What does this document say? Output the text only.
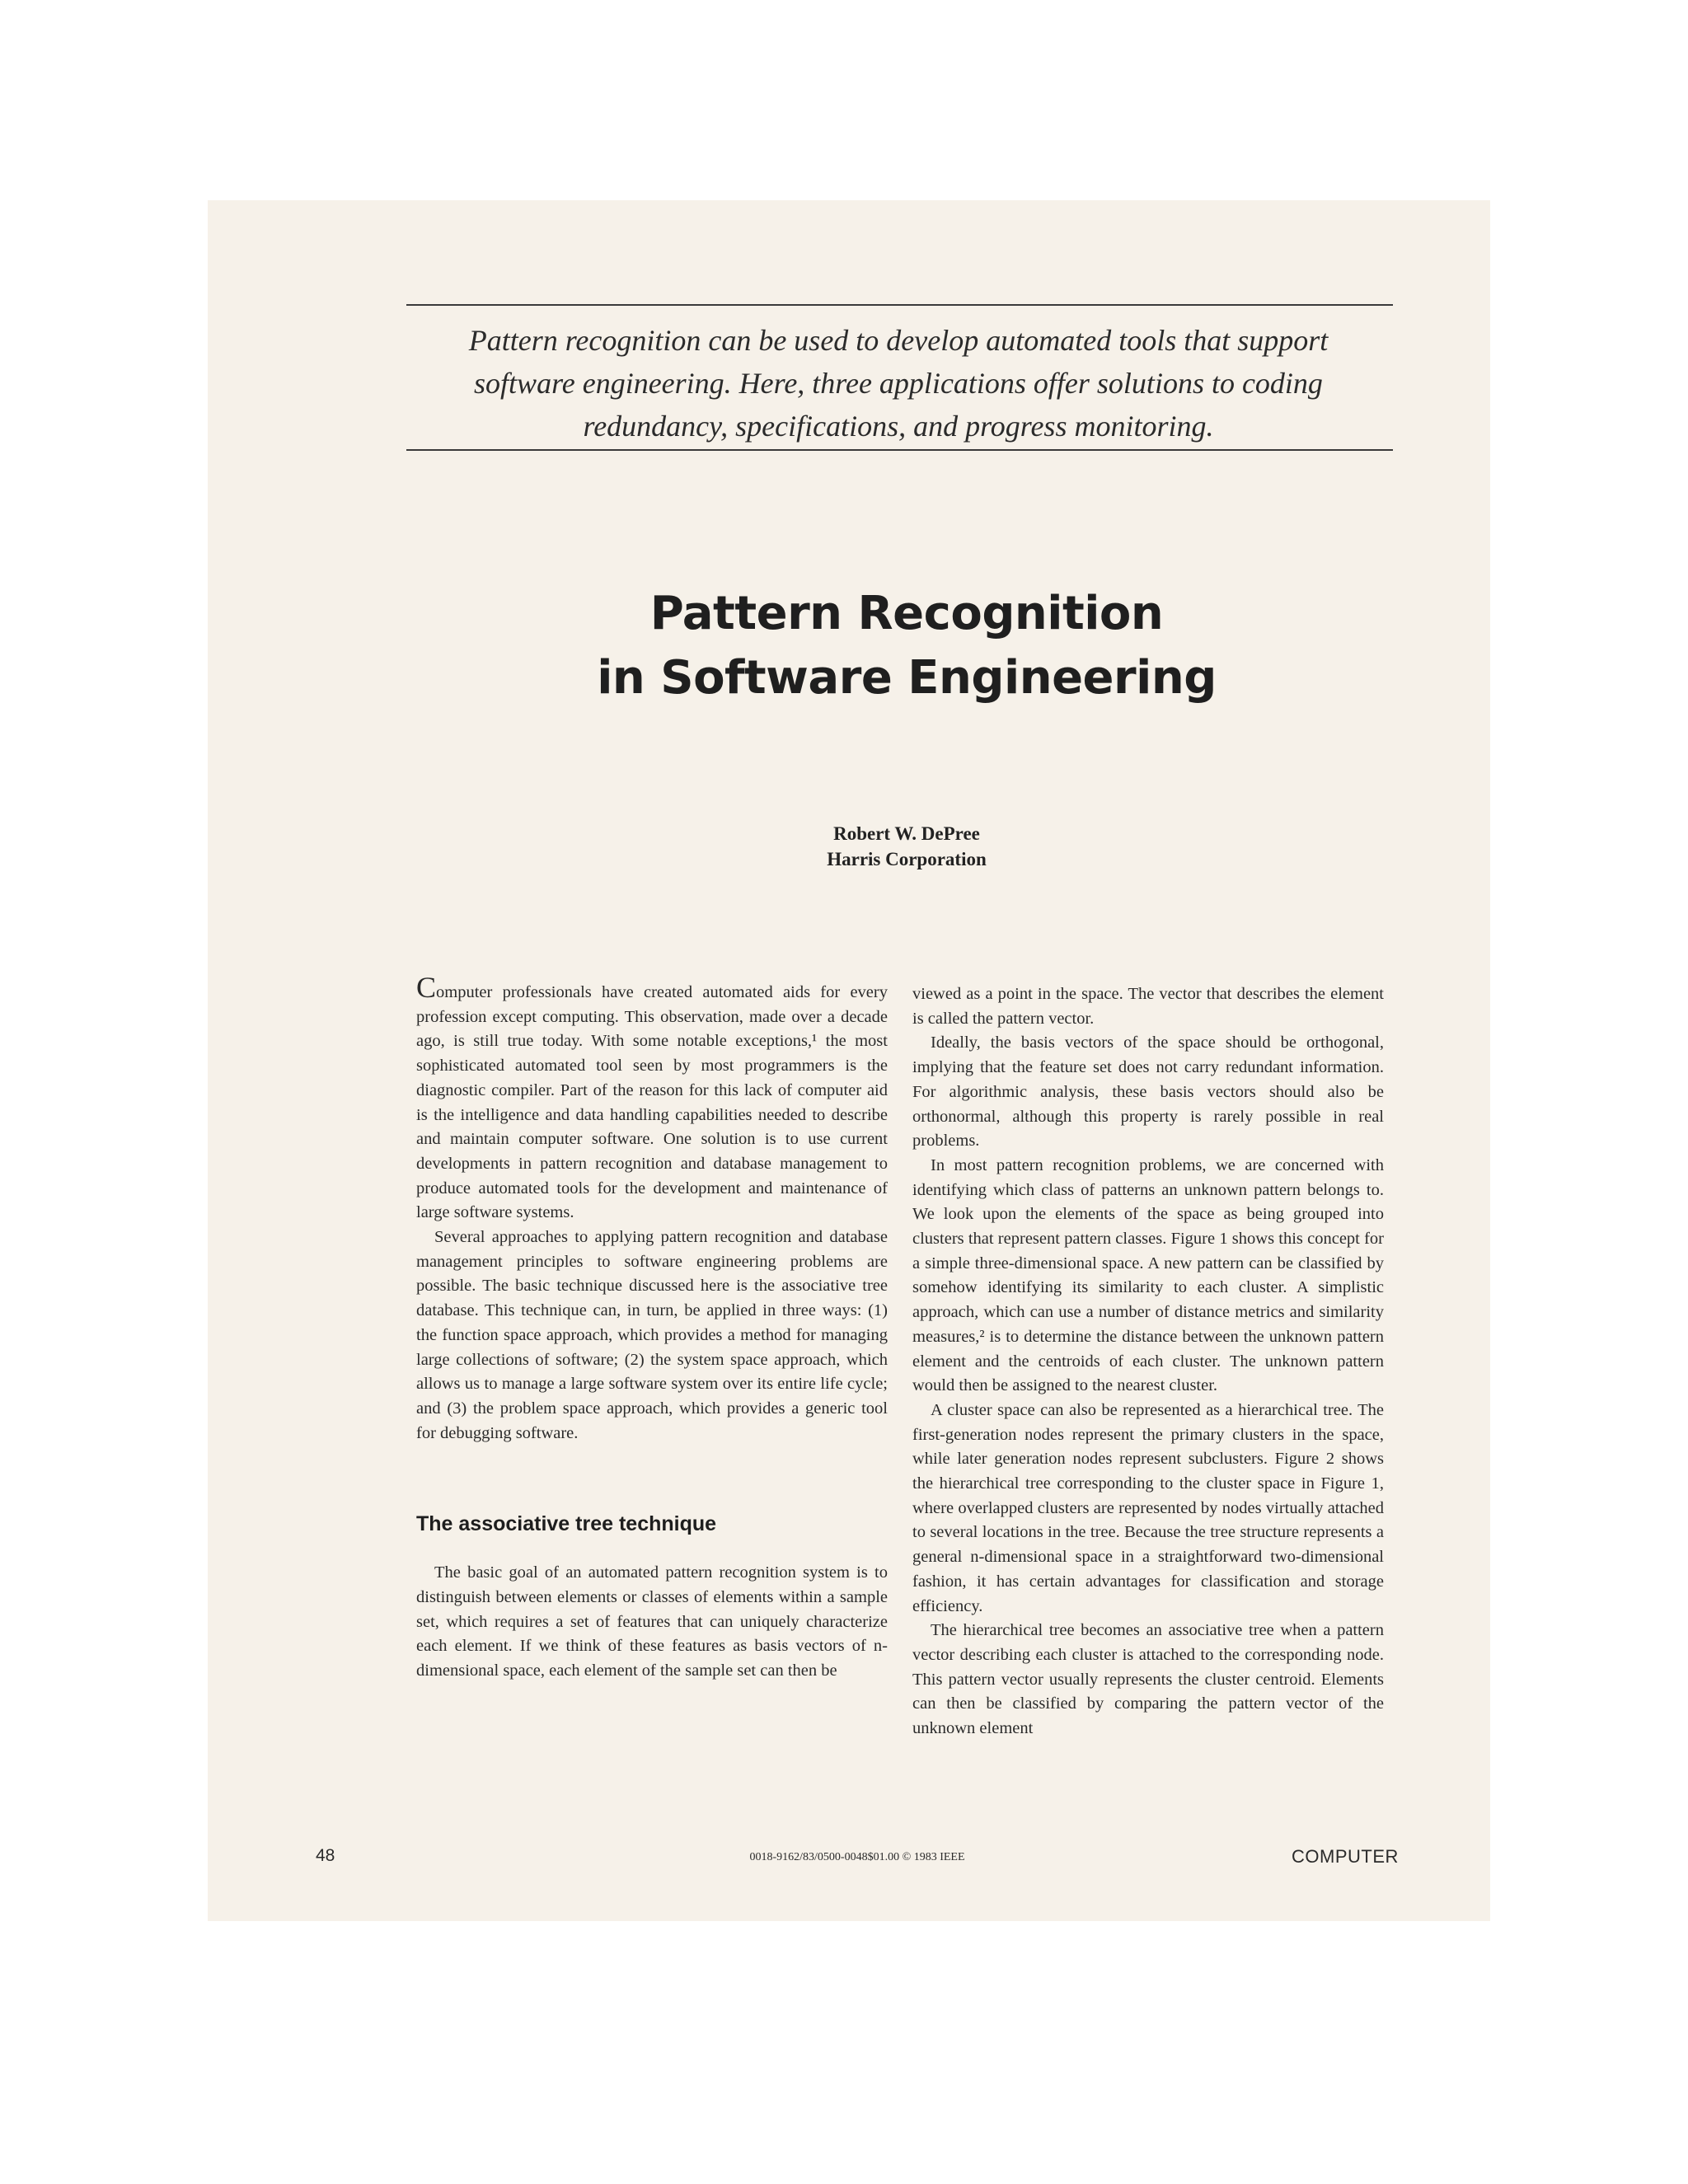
Pattern recognition can be used to develop automated tools that support
software engineering. Here, three applications offer solutions to coding
redundancy, specifications, and progress monitoring.
Pattern Recognition
in Software Engineering
Robert W. DePree
Harris Corporation

Computer professionals have created automated aids for every profession except computing. This observation, made over a decade ago, is still true today. With some notable exceptions,¹ the most sophisticated automated tool seen by most programmers is the diagnostic compiler. Part of the reason for this lack of computer aid is the intelligence and data handling capabilities needed to describe and maintain computer software. One solution is to use current developments in pattern recognition and database management to produce automated tools for the development and maintenance of large software systems.

Several approaches to applying pattern recognition and database management principles to software engineering problems are possible. The basic technique discussed here is the associative tree database. This technique can, in turn, be applied in three ways: (1) the function space approach, which provides a method for managing large collections of software; (2) the system space approach, which allows us to manage a large software system over its entire life cycle; and (3) the problem space approach, which provides a generic tool for debugging software.

The associative tree technique

The basic goal of an automated pattern recognition system is to distinguish between elements or classes of elements within a sample set, which requires a set of features that can uniquely characterize each element. If we think of these features as basis vectors of n-dimensional space, each element of the sample set can then be

viewed as a point in the space. The vector that describes the element is called the pattern vector.

Ideally, the basis vectors of the space should be orthogonal, implying that the feature set does not carry redundant information. For algorithmic analysis, these basis vectors should also be orthonormal, although this property is rarely possible in real problems.

In most pattern recognition problems, we are concerned with identifying which class of patterns an unknown pattern belongs to. We look upon the elements of the space as being grouped into clusters that represent pattern classes. Figure 1 shows this concept for a simple three-dimensional space. A new pattern can be classified by somehow identifying its similarity to each cluster. A simplistic approach, which can use a number of distance metrics and similarity measures,² is to determine the distance between the unknown pattern element and the centroids of each cluster. The unknown pattern would then be assigned to the nearest cluster.

A cluster space can also be represented as a hierarchical tree. The first-generation nodes represent the primary clusters in the space, while later generation nodes represent subclusters. Figure 2 shows the hierarchical tree corresponding to the cluster space in Figure 1, where overlapped clusters are represented by nodes virtually attached to several locations in the tree. Because the tree structure represents a general n-dimensional space in a straightforward two-dimensional fashion, it has certain advantages for classification and storage efficiency.

The hierarchical tree becomes an associative tree when a pattern vector describing each cluster is attached to the corresponding node. This pattern vector usually represents the cluster centroid. Elements can then be classified by comparing the pattern vector of the unknown element

48	0018-9162/83/0500-0048$01.00 © 1983 IEEE	COMPUTER
